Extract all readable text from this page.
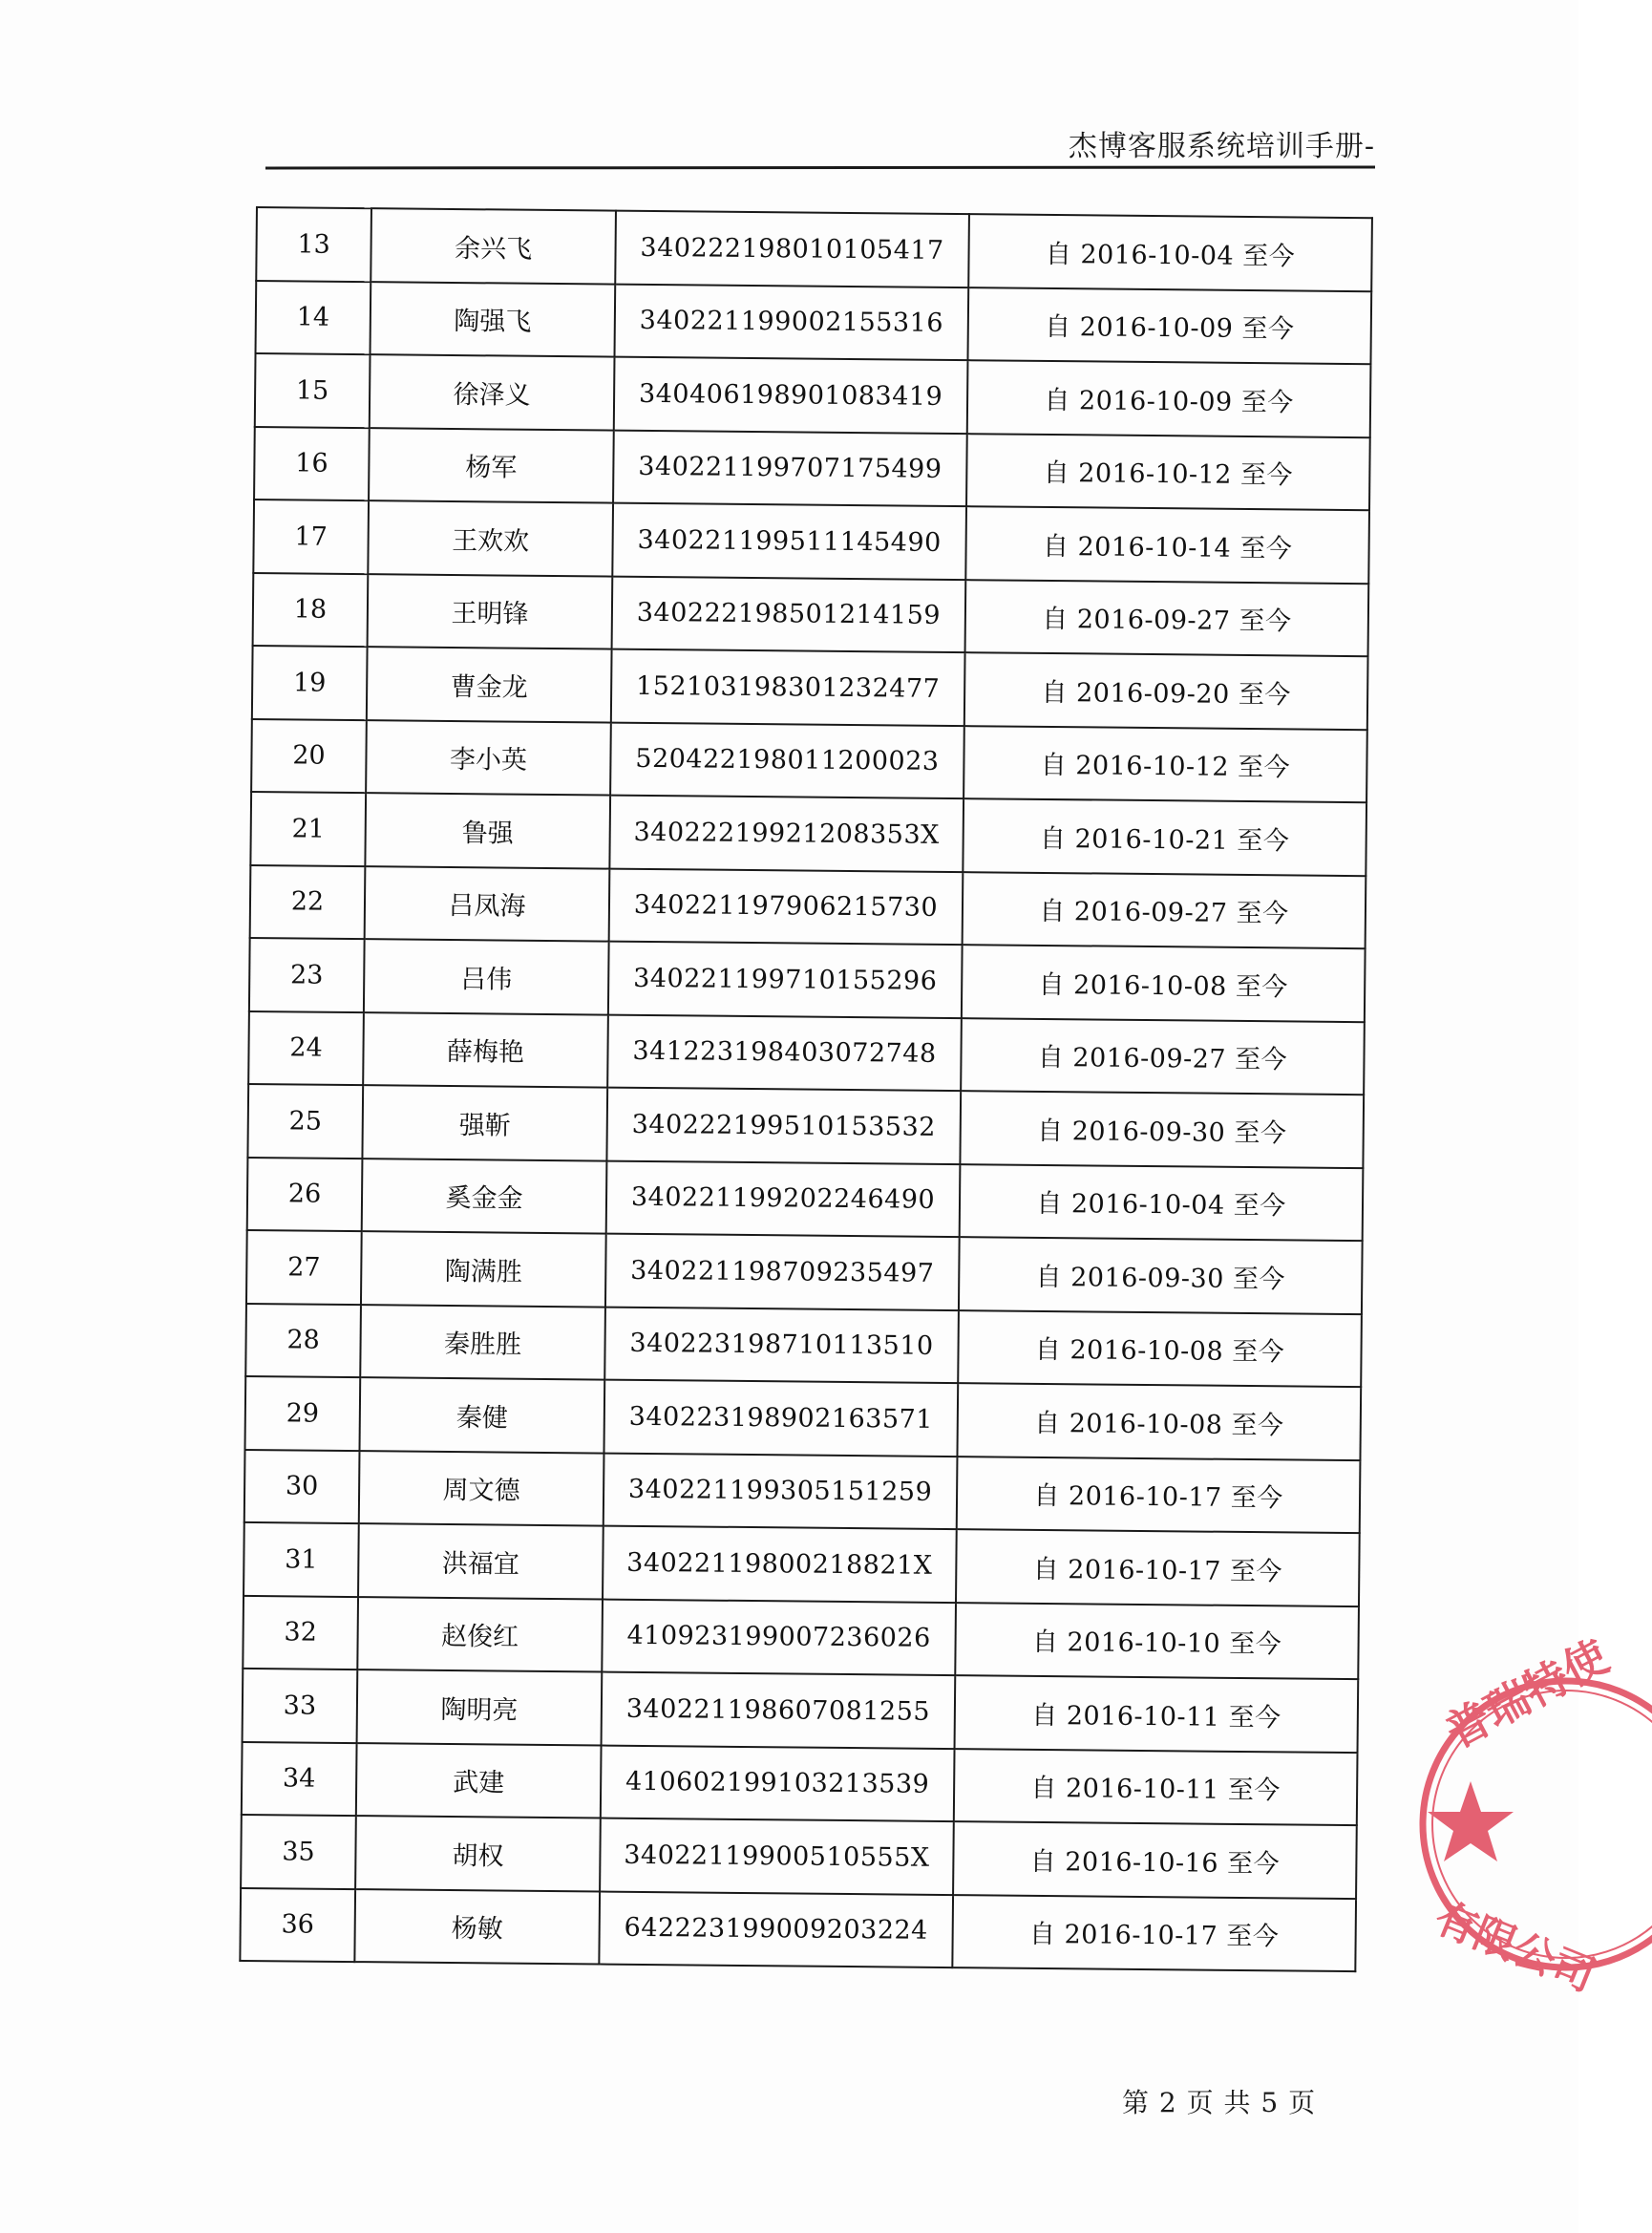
杰博客服系统培训手册-
13	余兴飞	340222198010105417	自 2016-10-04 至今
14	陶强飞	340221199002155316	自 2016-10-09 至今
15	徐泽义	340406198901083419	自 2016-10-09 至今
16	杨军	340221199707175499	自 2016-10-12 至今
17	王欢欢	340221199511145490	自 2016-10-14 至今
18	王明锋	340222198501214159	自 2016-09-27 至今
19	曹金龙	152103198301232477	自 2016-09-20 至今
20	李小英	520422198011200023	自 2016-10-12 至今
21	鲁强	34022219921208353X	自 2016-10-21 至今
22	吕凤海	340221197906215730	自 2016-09-27 至今
23	吕伟	340221199710155296	自 2016-10-08 至今
24	薛梅艳	341223198403072748	自 2016-09-27 至今
25	强靳	340222199510153532	自 2016-09-30 至今
26	奚金金	340221199202246490	自 2016-10-04 至今
27	陶满胜	340221198709235497	自 2016-09-30 至今
28	秦胜胜	340223198710113510	自 2016-10-08 至今
29	秦健	340223198902163571	自 2016-10-08 至今
30	周文德	340221199305151259	自 2016-10-17 至今
31	洪福宜	34022119800218821X	自 2016-10-17 至今
32	赵俊红	410923199007236026	自 2016-10-10 至今
33	陶明亮	340221198607081255	自 2016-10-11 至今
34	武建	410602199103213539	自 2016-10-11 至今
35	胡权	34022119900510555X	自 2016-10-16 至今
36	杨敏	642223199009203224	自 2016-10-17 至今
第 2 页 共 5 页
普瑞特使
有限公司
